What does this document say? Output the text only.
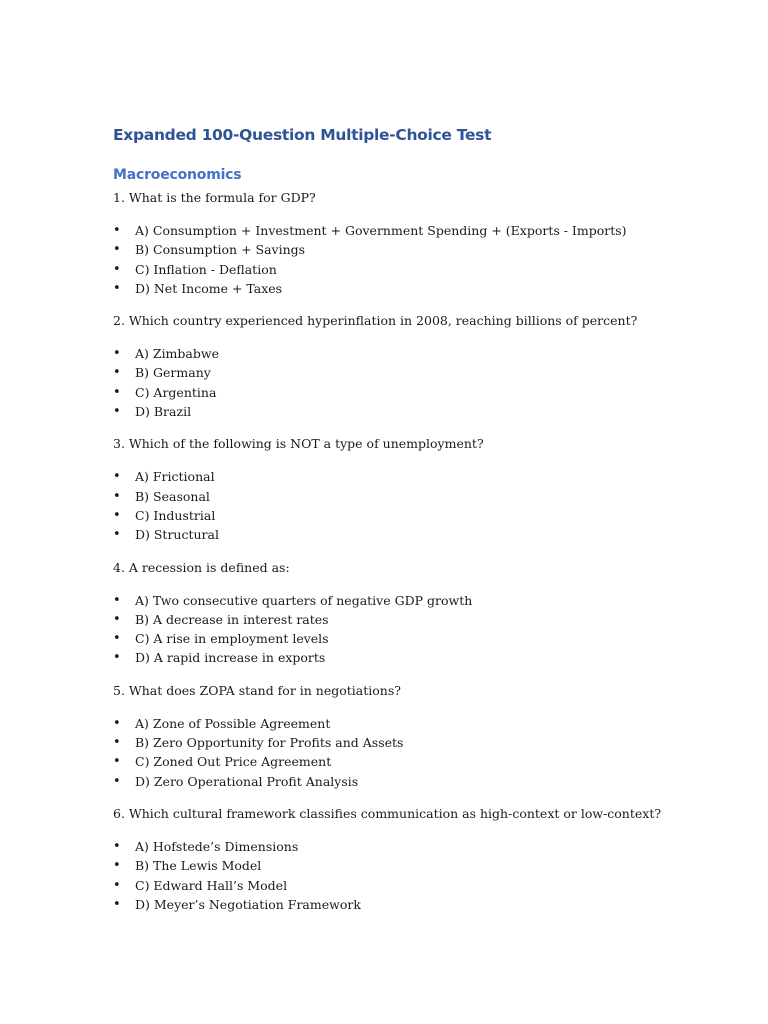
Expanded 100-Question Multiple-Choice Test
Macroeconomics

1. What is the formula for GDP?

• A) Consumption + Investment + Government Spending + (Exports - Imports)
• B) Consumption + Savings
• C) Inflation - Deflation
• D) Net Income + Taxes

2. Which country experienced hyperinflation in 2008, reaching billions of percent?

• A) Zimbabwe
• B) Germany
• C) Argentina
• D) Brazil

3. Which of the following is NOT a type of unemployment?

• A) Frictional
• B) Seasonal
• C) Industrial
• D) Structural

4. A recession is defined as:

• A) Two consecutive quarters of negative GDP growth
• B) A decrease in interest rates
• C) A rise in employment levels
• D) A rapid increase in exports

5. What does ZOPA stand for in negotiations?

• A) Zone of Possible Agreement
• B) Zero Opportunity for Profits and Assets
• C) Zoned Out Price Agreement
• D) Zero Operational Profit Analysis

6. Which cultural framework classifies communication as high-context or low-context?

• A) Hofstede’s Dimensions
• B) The Lewis Model
• C) Edward Hall’s Model
• D) Meyer’s Negotiation Framework
